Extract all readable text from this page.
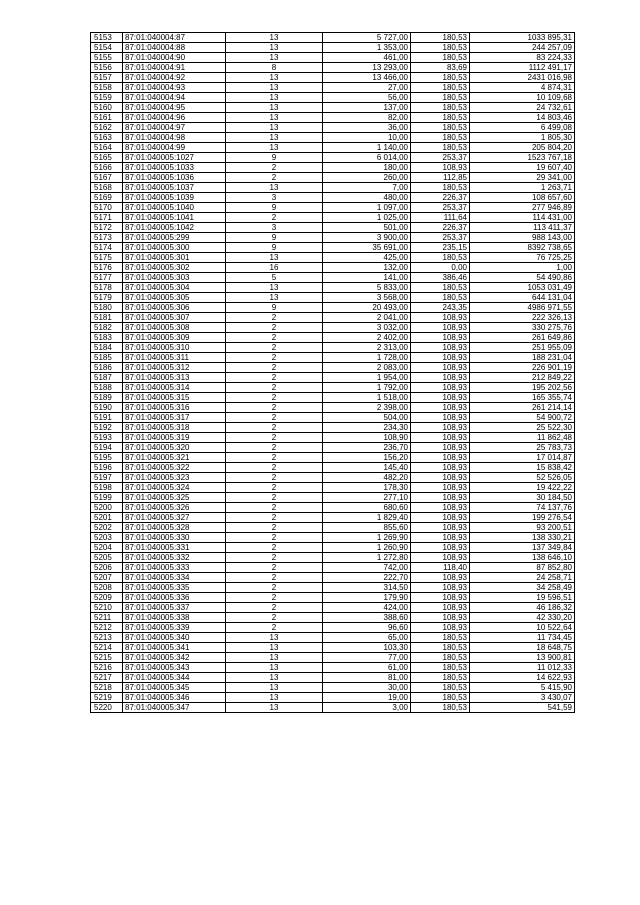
5153	87:01:040004:87	13	5 727,00	180,53	1033 895,31
5154	87:01:040004:88	13	1 353,00	180,53	244 257,09
5155	87:01:040004:90	13	461,00	180,53	83 224,33
5156	87:01:040004:91	8	13 293,00	83,69	1112 491,17
5157	87:01:040004:92	13	13 466,00	180,53	2431 016,98
5158	87:01:040004:93	13	27,00	180,53	4 874,31
5159	87:01:040004:94	13	56,00	180,53	10 109,68
5160	87:01:040004:95	13	137,00	180,53	24 732,61
5161	87:01:040004:96	13	82,00	180,53	14 803,46
5162	87:01:040004:97	13	36,00	180,53	6 499,08
5163	87:01:040004:98	13	10,00	180,53	1 805,30
5164	87:01:040004:99	13	1 140,00	180,53	205 804,20
5165	87:01:040005:1027	9	6 014,00	253,37	1523 767,18
5166	87:01:040005:1033	2	180,00	108,93	19 607,40
5167	87:01:040005:1036	2	260,00	112,85	29 341,00
5168	87:01:040005:1037	13	7,00	180,53	1 263,71
5169	87:01:040005:1039	3	480,00	226,37	108 657,60
5170	87:01:040005:1040	9	1 097,00	253,37	277 946,89
5171	87:01:040005:1041	2	1 025,00	111,64	114 431,00
5172	87:01:040005:1042	3	501,00	226,37	113 411,37
5173	87:01:040005:299	9	3 900,00	253,37	988 143,00
5174	87:01:040005:300	9	35 691,00	235,15	8392 738,65
5175	87:01:040005:301	13	425,00	180,53	76 725,25
5176	87:01:040005:302	16	132,00	0,00	1,00
5177	87:01:040005:303	5	141,00	386,46	54 490,86
5178	87:01:040005:304	13	5 833,00	180,53	1053 031,49
5179	87:01:040005:305	13	3 568,00	180,53	644 131,04
5180	87:01:040005:306	9	20 493,00	243,35	4986 971,55
5181	87:01:040005:307	2	2 041,00	108,93	222 326,13
5182	87:01:040005:308	2	3 032,00	108,93	330 275,76
5183	87:01:040005:309	2	2 402,00	108,93	261 649,86
5184	87:01:040005:310	2	2 313,00	108,93	251 955,09
5185	87:01:040005:311	2	1 728,00	108,93	188 231,04
5186	87:01:040005:312	2	2 083,00	108,93	226 901,19
5187	87:01:040005:313	2	1 954,00	108,93	212 849,22
5188	87:01:040005:314	2	1 792,00	108,93	195 202,56
5189	87:01:040005:315	2	1 518,00	108,93	165 355,74
5190	87:01:040005:316	2	2 398,00	108,93	261 214,14
5191	87:01:040005:317	2	504,00	108,93	54 900,72
5192	87:01:040005:318	2	234,30	108,93	25 522,30
5193	87:01:040005:319	2	108,90	108,93	11 862,48
5194	87:01:040005:320	2	236,70	108,93	25 783,73
5195	87:01:040005:321	2	156,20	108,93	17 014,87
5196	87:01:040005:322	2	145,40	108,93	15 838,42
5197	87:01:040005:323	2	482,20	108,93	52 526,05
5198	87:01:040005:324	2	178,30	108,93	19 422,22
5199	87:01:040005:325	2	277,10	108,93	30 184,50
5200	87:01:040005:326	2	680,60	108,93	74 137,76
5201	87:01:040005:327	2	1 829,40	108,93	199 276,54
5202	87:01:040005:328	2	855,60	108,93	93 200,51
5203	87:01:040005:330	2	1 269,90	108,93	138 330,21
5204	87:01:040005:331	2	1 260,90	108,93	137 349,84
5205	87:01:040005:332	2	1 272,80	108,93	138 646,10
5206	87:01:040005:333	2	742,00	118,40	87 852,80
5207	87:01:040005:334	2	222,70	108,93	24 258,71
5208	87:01:040005:335	2	314,50	108,93	34 258,49
5209	87:01:040005:336	2	179,90	108,93	19 596,51
5210	87:01:040005:337	2	424,00	108,93	46 186,32
5211	87:01:040005:338	2	388,60	108,93	42 330,20
5212	87:01:040005:339	2	96,60	108,93	10 522,64
5213	87:01:040005:340	13	65,00	180,53	11 734,45
5214	87:01:040005:341	13	103,30	180,53	18 648,75
5215	87:01:040005:342	13	77,00	180,53	13 900,81
5216	87:01:040005:343	13	61,00	180,53	11 012,33
5217	87:01:040005:344	13	81,00	180,53	14 622,93
5218	87:01:040005:345	13	30,00	180,53	5 415,90
5219	87:01:040005:346	13	19,00	180,53	3 430,07
5220	87:01:040005:347	13	3,00	180,53	541,59
